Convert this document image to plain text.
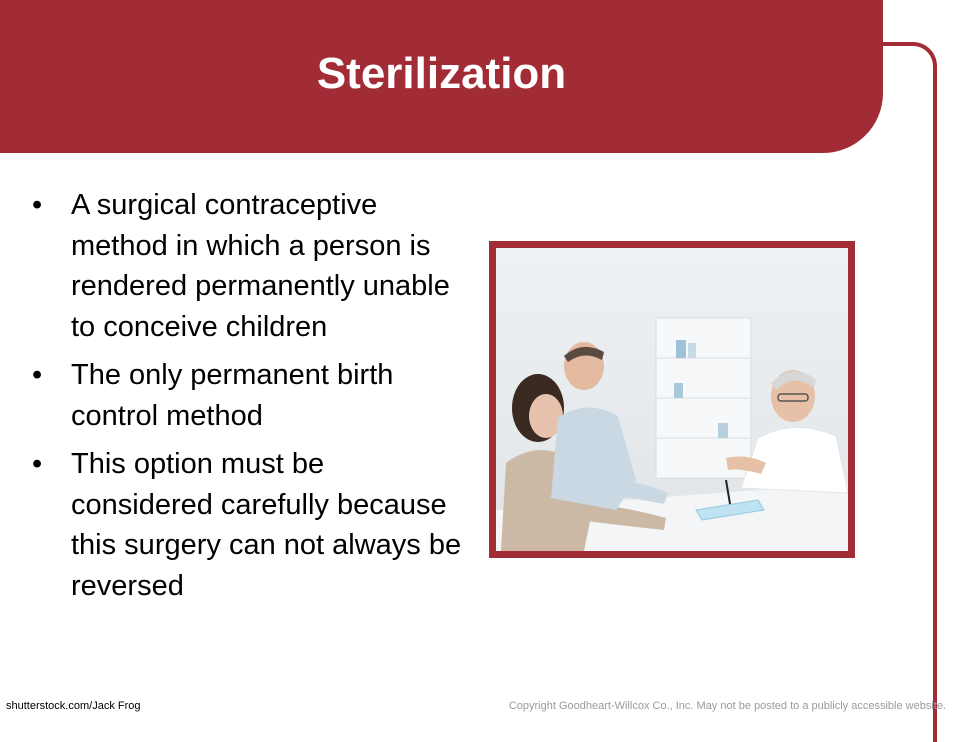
Sterilization
• A surgical contraceptive method in which a person is rendered permanently unable to conceive children
• The only permanent birth control method
• This option must be considered carefully because this surgery can not always be reversed
shutterstock.com/Jack Frog	Copyright Goodheart-Willcox Co., Inc. May not be posted to a publicly accessible website.
